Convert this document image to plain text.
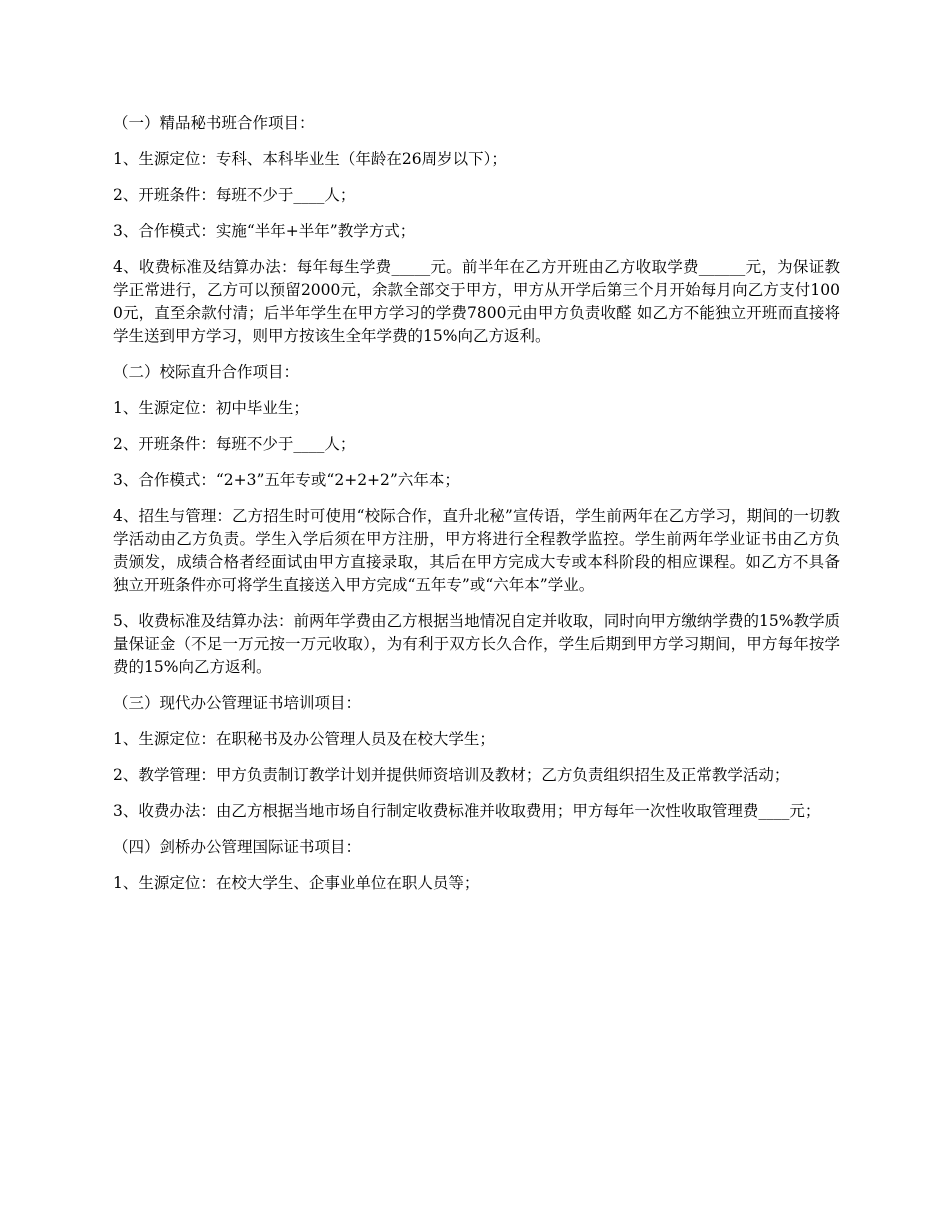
（一）精品秘书班合作项目：

1、生源定位：专科、本科毕业生（年龄在26周岁以下）；

2、开班条件：每班不少于____人；

3、合作模式：实施“半年+半年”教学方式；

4、收费标准及结算办法：每年每生学费_____元。前半年在乙方开班由乙方收取学费______元，为保证教学正常进行，乙方可以预留2000元，余款全部交于甲方，甲方从开学后第三个月开始每月向乙方支付1000元，直至余款付清；后半年学生在甲方学习的学费7800元由甲方负责收醛 如乙方不能独立开班而直接将学生送到甲方学习，则甲方按该生全年学费的15%向乙方返利。

（二）校际直升合作项目：

1、生源定位：初中毕业生；

2、开班条件：每班不少于____人；

3、合作模式：“2+3”五年专或“2+2+2”六年本；

4、招生与管理：乙方招生时可使用“校际合作，直升北秘”宣传语，学生前两年在乙方学习，期间的一切教学活动由乙方负责。学生入学后须在甲方注册，甲方将进行全程教学监控。学生前两年学业证书由乙方负责颁发，成绩合格者经面试由甲方直接录取，其后在甲方完成大专或本科阶段的相应课程。如乙方不具备独立开班条件亦可将学生直接送入甲方完成“五年专”或“六年本”学业。

5、收费标准及结算办法：前两年学费由乙方根据当地情况自定并收取，同时向甲方缴纳学费的15%教学质量保证金（不足一万元按一万元收取），为有利于双方长久合作，学生后期到甲方学习期间，甲方每年按学费的15%向乙方返利。

（三）现代办公管理证书培训项目：

1、生源定位：在职秘书及办公管理人员及在校大学生；

2、教学管理：甲方负责制订教学计划并提供师资培训及教材；乙方负责组织招生及正常教学活动；

3、收费办法：由乙方根据当地市场自行制定收费标准并收取费用；甲方每年一次性收取管理费____元；

（四）剑桥办公管理国际证书项目：

1、生源定位：在校大学生、企事业单位在职人员等；
